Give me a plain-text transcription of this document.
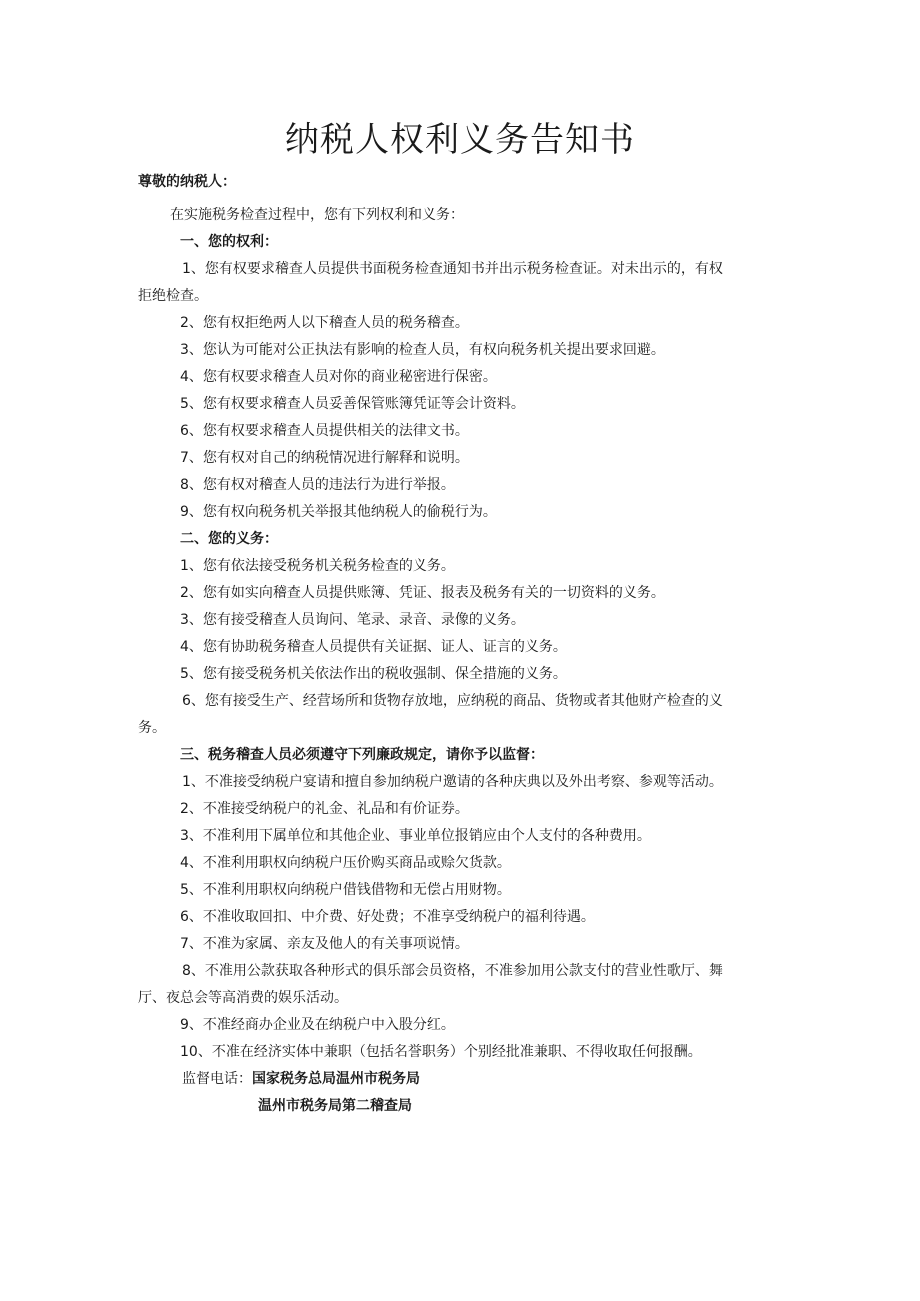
纳税人权利义务告知书
尊敬的纳税人：
在实施税务检查过程中，您有下列权利和义务：
一、您的权利：
1、您有权要求稽查人员提供书面税务检查通知书并出示税务检查证。对未出示的，有权
拒绝检查。
2、您有权拒绝两人以下稽查人员的税务稽查。
3、您认为可能对公正执法有影响的检查人员，有权向税务机关提出要求回避。
4、您有权要求稽查人员对你的商业秘密进行保密。
5、您有权要求稽查人员妥善保管账簿凭证等会计资料。
6、您有权要求稽查人员提供相关的法律文书。
7、您有权对自己的纳税情况进行解释和说明。
8、您有权对稽查人员的违法行为进行举报。
9、您有权向税务机关举报其他纳税人的偷税行为。
二、您的义务：
1、您有依法接受税务机关税务检查的义务。
2、您有如实向稽查人员提供账簿、凭证、报表及税务有关的一切资料的义务。
3、您有接受稽查人员询问、笔录、录音、录像的义务。
4、您有协助税务稽查人员提供有关证据、证人、证言的义务。
5、您有接受税务机关依法作出的税收强制、保全措施的义务。
6、您有接受生产、经营场所和货物存放地，应纳税的商品、货物或者其他财产检查的义
务。
三、税务稽查人员必须遵守下列廉政规定，请你予以监督：
1、不准接受纳税户宴请和擅自参加纳税户邀请的各种庆典以及外出考察、参观等活动。
2、不准接受纳税户的礼金、礼品和有价证券。
3、不准利用下属单位和其他企业、事业单位报销应由个人支付的各种费用。
4、不准利用职权向纳税户压价购买商品或赊欠货款。
5、不准利用职权向纳税户借钱借物和无偿占用财物。
6、不准收取回扣、中介费、好处费；不准享受纳税户的福利待遇。
7、不准为家属、亲友及他人的有关事项说情。
8、不准用公款获取各种形式的俱乐部会员资格，不准参加用公款支付的营业性歌厅、舞
厅、夜总会等高消费的娱乐活动。
9、不准经商办企业及在纳税户中入股分红。
10、不准在经济实体中兼职（包括名誉职务）个别经批准兼职、不得收取任何报酬。
监督电话：国家税务总局温州市税务局
温州市税务局第二稽查局
